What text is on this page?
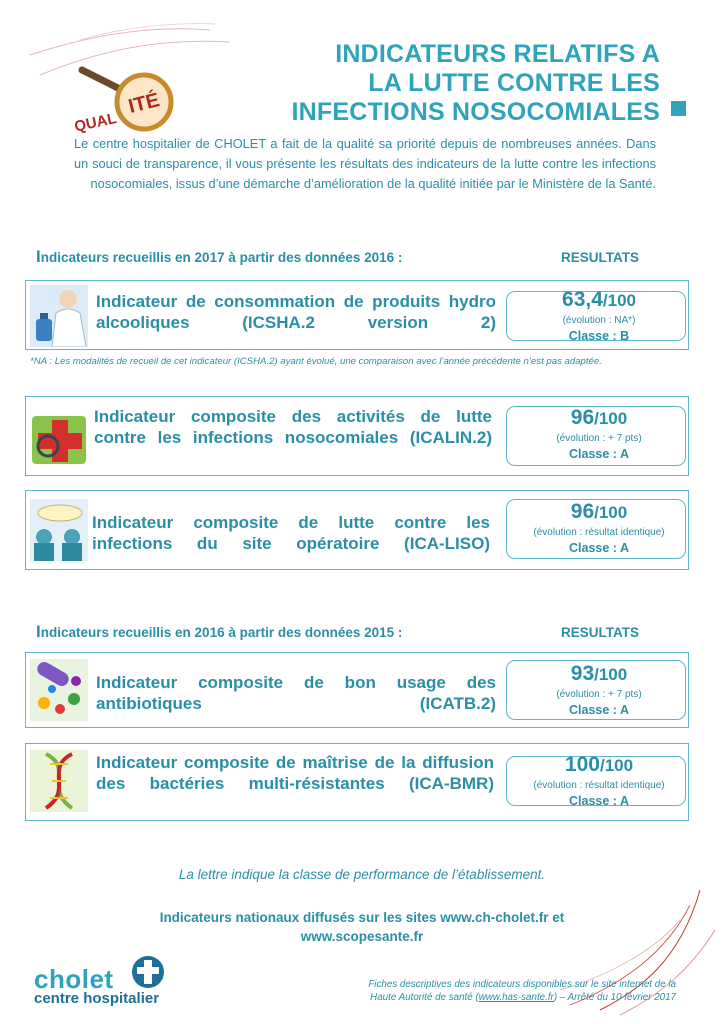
QUAL
ITÉ
INDICATEURS RELATIFS A
LA LUTTE CONTRE LES
INFECTIONS NOSOCOMIALES

Le centre hospitalier de CHOLET a fait de la qualité sa priorité depuis de nombreuses années. Dans un souci de transparence, il vous présente les résultats des indicateurs de la lutte contre les infections nosocomiales, issus d’une démarche d’amélioration de la qualité initiée par le Ministère de la Santé.

Indicateurs recueillis en 2017 à partir des données 2016 :	RESULTATS
Indicateur de consommation de produits hydro alcooliques (ICSHA.2 version 2)
63,4/100
(évolution : NA*)
Classe : B

*NA : Les modalités de recueil de cet indicateur (ICSHA.2) ayant évolué, une comparaison avec l’année précédente n’est pas adaptée.

Indicateur composite des activités de lutte contre les infections nosocomiales (ICALIN.2)
96/100
(évolution : + 7 pts)
Classe : A
Indicateur composite de lutte contre les infections du site opératoire (ICA-LISO)
96/100
(évolution : résultat identique)
Classe : A
Indicateurs recueillis en 2016 à partir des données 2015 :	RESULTATS
Indicateur composite de bon usage des antibiotiques (ICATB.2)
93/100
(évolution : + 7 pts)
Classe : A
Indicateur composite de maîtrise de la diffusion des bactéries multi-résistantes (ICA-BMR)
100/100
(évolution : résultat identique)
Classe : A

La lettre indique la classe de performance de l’établissement.

Indicateurs nationaux diffusés sur les sites www.ch-cholet.fr et
www.scopesante.fr
cholet
centre hospitalier
Fiches descriptives des indicateurs disponibles sur le site internet de la
Haute Autorité de santé (www.has-sante.fr) – Arrêté du 10 février 2017
